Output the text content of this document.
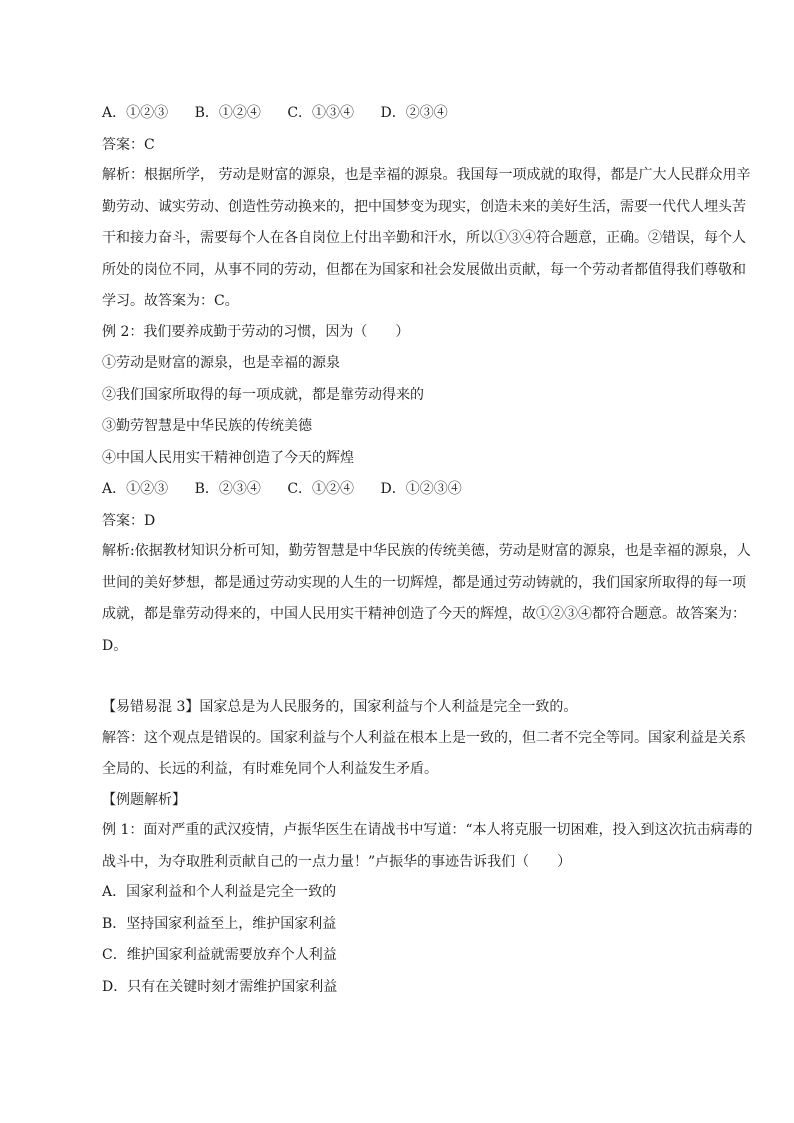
A．①②③ B．①②④ C．①③④ D．②③④
答案：C
解析：根据所学， 劳动是财富的源泉，也是幸福的源泉。我国每一项成就的取得，都是广大人民群众用辛
勤劳动、诚实劳动、创造性劳动换来的，把中国梦变为现实，创造未来的美好生活，需要一代代人埋头苦
干和接力奋斗，需要每个人在各自岗位上付出辛勤和汗水，所以①③④符合题意，正确。②错误，每个人
所处的岗位不同，从事不同的劳动，但都在为国家和社会发展做出贡献，每一个劳动者都值得我们尊敬和
学习。故答案为：C。
例 2：我们要养成勤于劳动的习惯，因为（　　）
①劳动是财富的源泉，也是幸福的源泉
②我们国家所取得的每一项成就，都是靠劳动得来的
③勤劳智慧是中华民族的传统美德
④中国人民用实干精神创造了今天的辉煌
A．①②③ B．②③④ C．①②④ D．①②③④
答案：D
解析:依据教材知识分析可知，勤劳智慧是中华民族的传统美德，劳动是财富的源泉，也是幸福的源泉，人
世间的美好梦想，都是通过劳动实现的人生的一切辉煌，都是通过劳动铸就的，我们国家所取得的每一项
成就，都是靠劳动得来的，中国人民用实干精神创造了今天的辉煌，故①②③④都符合题意。故答案为：
D。
【易错易混 3】国家总是为人民服务的，国家利益与个人利益是完全一致的。
解答：这个观点是错误的。国家利益与个人利益在根本上是一致的，但二者不完全等同。国家利益是关系
全局的、长远的利益，有时难免同个人利益发生矛盾。
【例题解析】
例 1：面对严重的武汉疫情，卢振华医生在请战书中写道：“本人将克服一切困难，投入到这次抗击病毒的
战斗中，为夺取胜利贡献自己的一点力量！”卢振华的事迹告诉我们（　　）
A．国家利益和个人利益是完全一致的
B．坚持国家利益至上，维护国家利益
C．维护国家利益就需要放弃个人利益
D．只有在关键时刻才需维护国家利益
